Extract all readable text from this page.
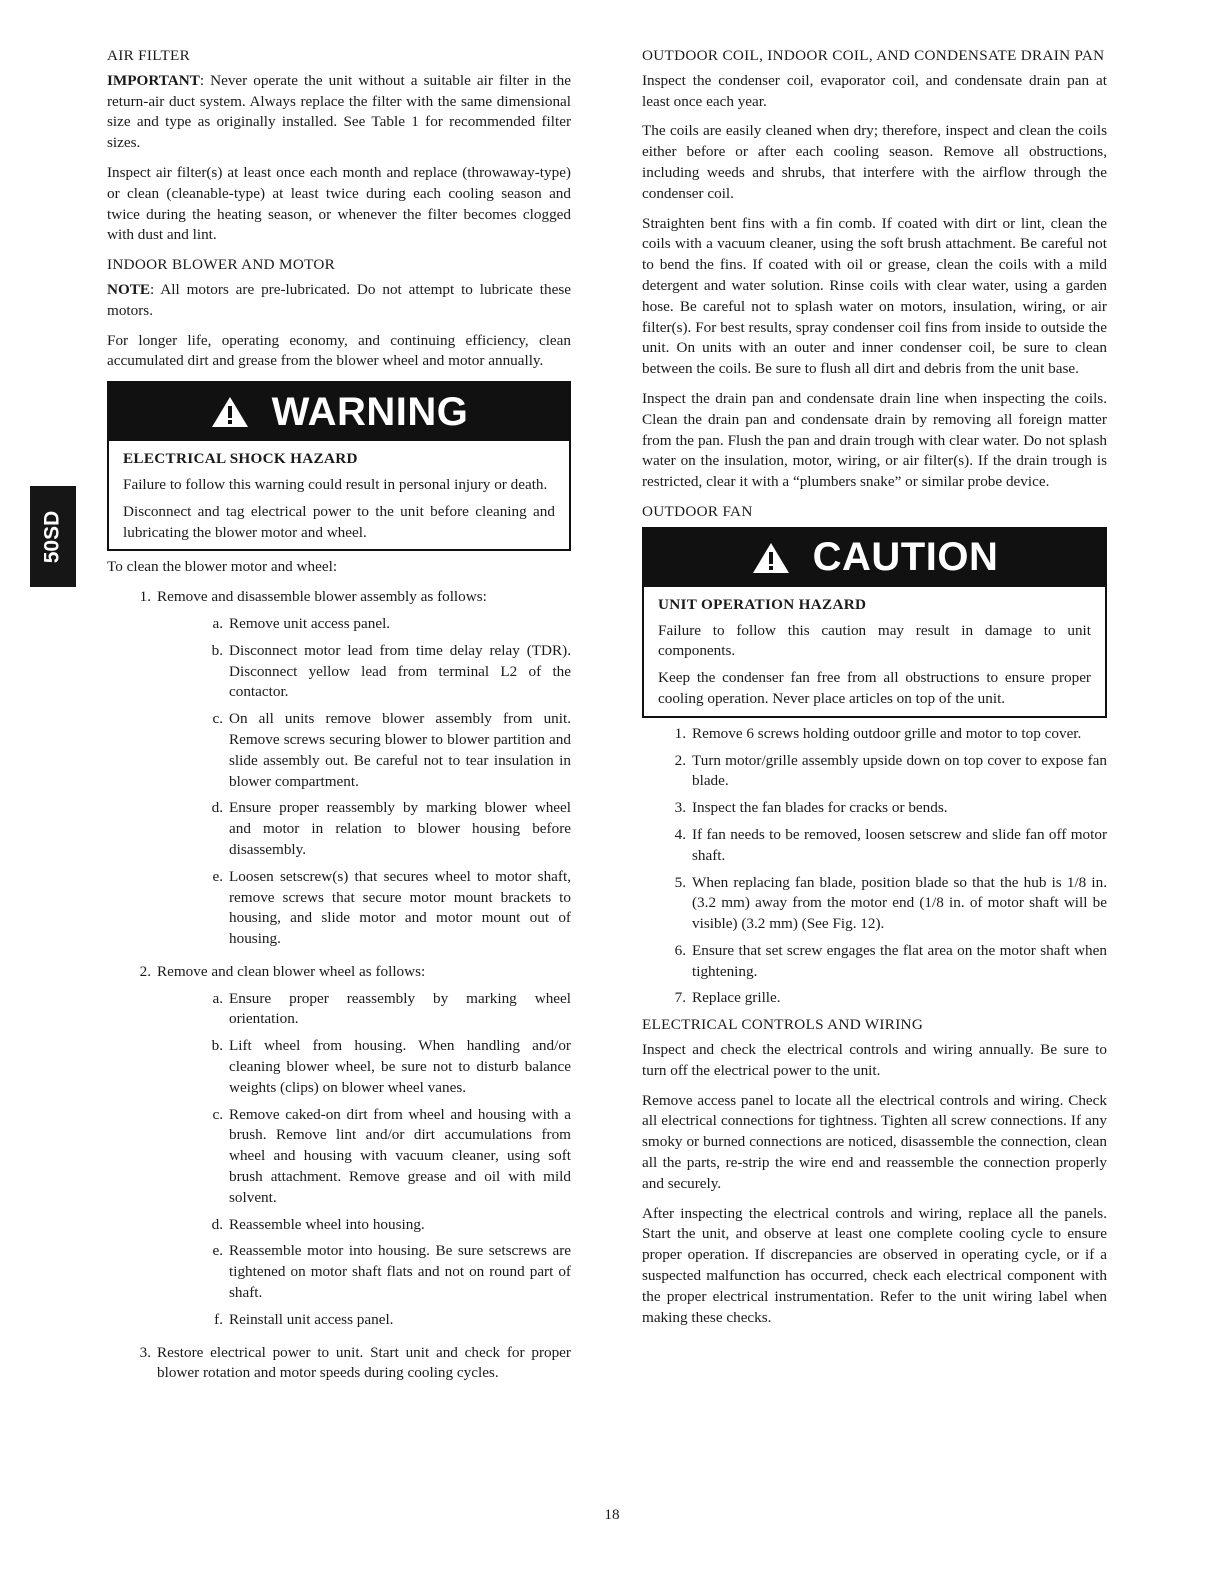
50SD
AIR FILTER

IMPORTANT: Never operate the unit without a suitable air filter in the return-air duct system. Always replace the filter with the same dimensional size and type as originally installed. See Table 1 for recommended filter sizes.

Inspect air filter(s) at least once each month and replace (throwaway-type) or clean (cleanable-type) at least twice during each cooling season and twice during the heating season, or whenever the filter becomes clogged with dust and lint.

INDOOR BLOWER AND MOTOR

NOTE: All motors are pre-lubricated. Do not attempt to lubricate these motors.

For longer life, operating economy, and continuing efficiency, clean accumulated dirt and grease from the blower wheel and motor annually.

WARNING
ELECTRICAL SHOCK HAZARD

Failure to follow this warning could result in personal injury or death.

Disconnect and tag electrical power to the unit before cleaning and lubricating the blower motor and wheel.

To clean the blower motor and wheel:

1. Remove and disassemble blower assembly as follows:
a. Remove unit access panel.
b. Disconnect motor lead from time delay relay (TDR). Disconnect yellow lead from terminal L2 of the contactor.
c. On all units remove blower assembly from unit. Remove screws securing blower to blower partition and slide assembly out. Be careful not to tear insulation in blower compartment.
d. Ensure proper reassembly by marking blower wheel and motor in relation to blower housing before disassembly.
e. Loosen setscrew(s) that secures wheel to motor shaft, remove screws that secure motor mount brackets to housing, and slide motor and motor mount out of housing.
2. Remove and clean blower wheel as follows:
a. Ensure proper reassembly by marking wheel orientation.
b. Lift wheel from housing. When handling and/or cleaning blower wheel, be sure not to disturb balance weights (clips) on blower wheel vanes.
c. Remove caked-on dirt from wheel and housing with a brush. Remove lint and/or dirt accumulations from wheel and housing with vacuum cleaner, using soft brush attachment. Remove grease and oil with mild solvent.
d. Reassemble wheel into housing.
e. Reassemble motor into housing. Be sure setscrews are tightened on motor shaft flats and not on round part of shaft.
f. Reinstall unit access panel.
3. Restore electrical power to unit. Start unit and check for proper blower rotation and motor speeds during cooling cycles.
OUTDOOR COIL, INDOOR COIL, AND CONDENSATE DRAIN PAN

Inspect the condenser coil, evaporator coil, and condensate drain pan at least once each year.

The coils are easily cleaned when dry; therefore, inspect and clean the coils either before or after each cooling season. Remove all obstructions, including weeds and shrubs, that interfere with the airflow through the condenser coil.

Straighten bent fins with a fin comb. If coated with dirt or lint, clean the coils with a vacuum cleaner, using the soft brush attachment. Be careful not to bend the fins. If coated with oil or grease, clean the coils with a mild detergent and water solution. Rinse coils with clear water, using a garden hose. Be careful not to splash water on motors, insulation, wiring, or air filter(s). For best results, spray condenser coil fins from inside to outside the unit. On units with an outer and inner condenser coil, be sure to clean between the coils. Be sure to flush all dirt and debris from the unit base.

Inspect the drain pan and condensate drain line when inspecting the coils. Clean the drain pan and condensate drain by removing all foreign matter from the pan. Flush the pan and drain trough with clear water. Do not splash water on the insulation, motor, wiring, or air filter(s). If the drain trough is restricted, clear it with a “plumbers snake” or similar probe device.

OUTDOOR FAN
CAUTION
UNIT OPERATION HAZARD

Failure to follow this caution may result in damage to unit components.

Keep the condenser fan free from all obstructions to ensure proper cooling operation. Never place articles on top of the unit.

1. Remove 6 screws holding outdoor grille and motor to top cover.
2. Turn motor/grille assembly upside down on top cover to expose fan blade.
3. Inspect the fan blades for cracks or bends.
4. If fan needs to be removed, loosen setscrew and slide fan off motor shaft.
5. When replacing fan blade, position blade so that the hub is 1/8 in. (3.2 mm) away from the motor end (1/8 in. of motor shaft will be visible) (3.2 mm) (See Fig. 12).
6. Ensure that set screw engages the flat area on the motor shaft when tightening.
7. Replace grille.
ELECTRICAL CONTROLS AND WIRING

Inspect and check the electrical controls and wiring annually. Be sure to turn off the electrical power to the unit.

Remove access panel to locate all the electrical controls and wiring. Check all electrical connections for tightness. Tighten all screw connections. If any smoky or burned connections are noticed, disassemble the connection, clean all the parts, re-strip the wire end and reassemble the connection properly and securely.

After inspecting the electrical controls and wiring, replace all the panels. Start the unit, and observe at least one complete cooling cycle to ensure proper operation. If discrepancies are observed in operating cycle, or if a suspected malfunction has occurred, check each electrical component with the proper electrical instrumentation. Refer to the unit wiring label when making these checks.

18
